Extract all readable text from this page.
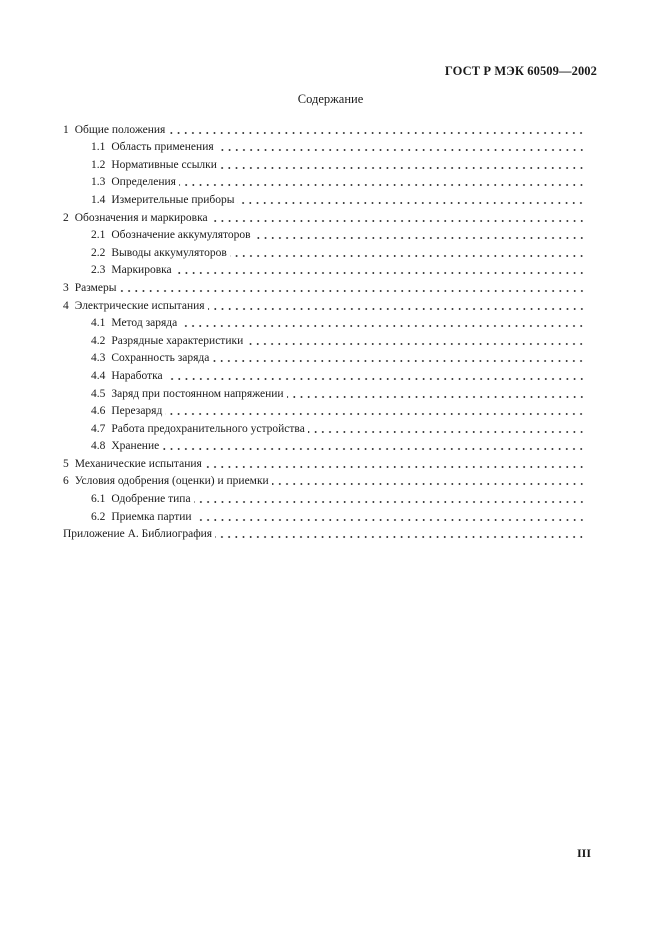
ГОСТ Р МЭК 60509—2002
Содержание
1 Общие положения
1.1 Область применения
1.2 Нормативные ссылки
1.3 Определения
1.4 Измерительные приборы
2 Обозначения и маркировка
2.1 Обозначение аккумуляторов
2.2 Выводы аккумуляторов
2.3 Маркировка
3 Размеры
4 Электрические испытания
4.1 Метод заряда
4.2 Разрядные характеристики
4.3 Сохранность заряда
4.4 Наработка
4.5 Заряд при постоянном напряжении
4.6 Перезаряд
4.7 Работа предохранительного устройства
4.8 Хранение
5 Механические испытания
6 Условия одобрения (оценки) и приемки
6.1 Одобрение типа
6.2 Приемка партии
Приложение А. Библиография
III
